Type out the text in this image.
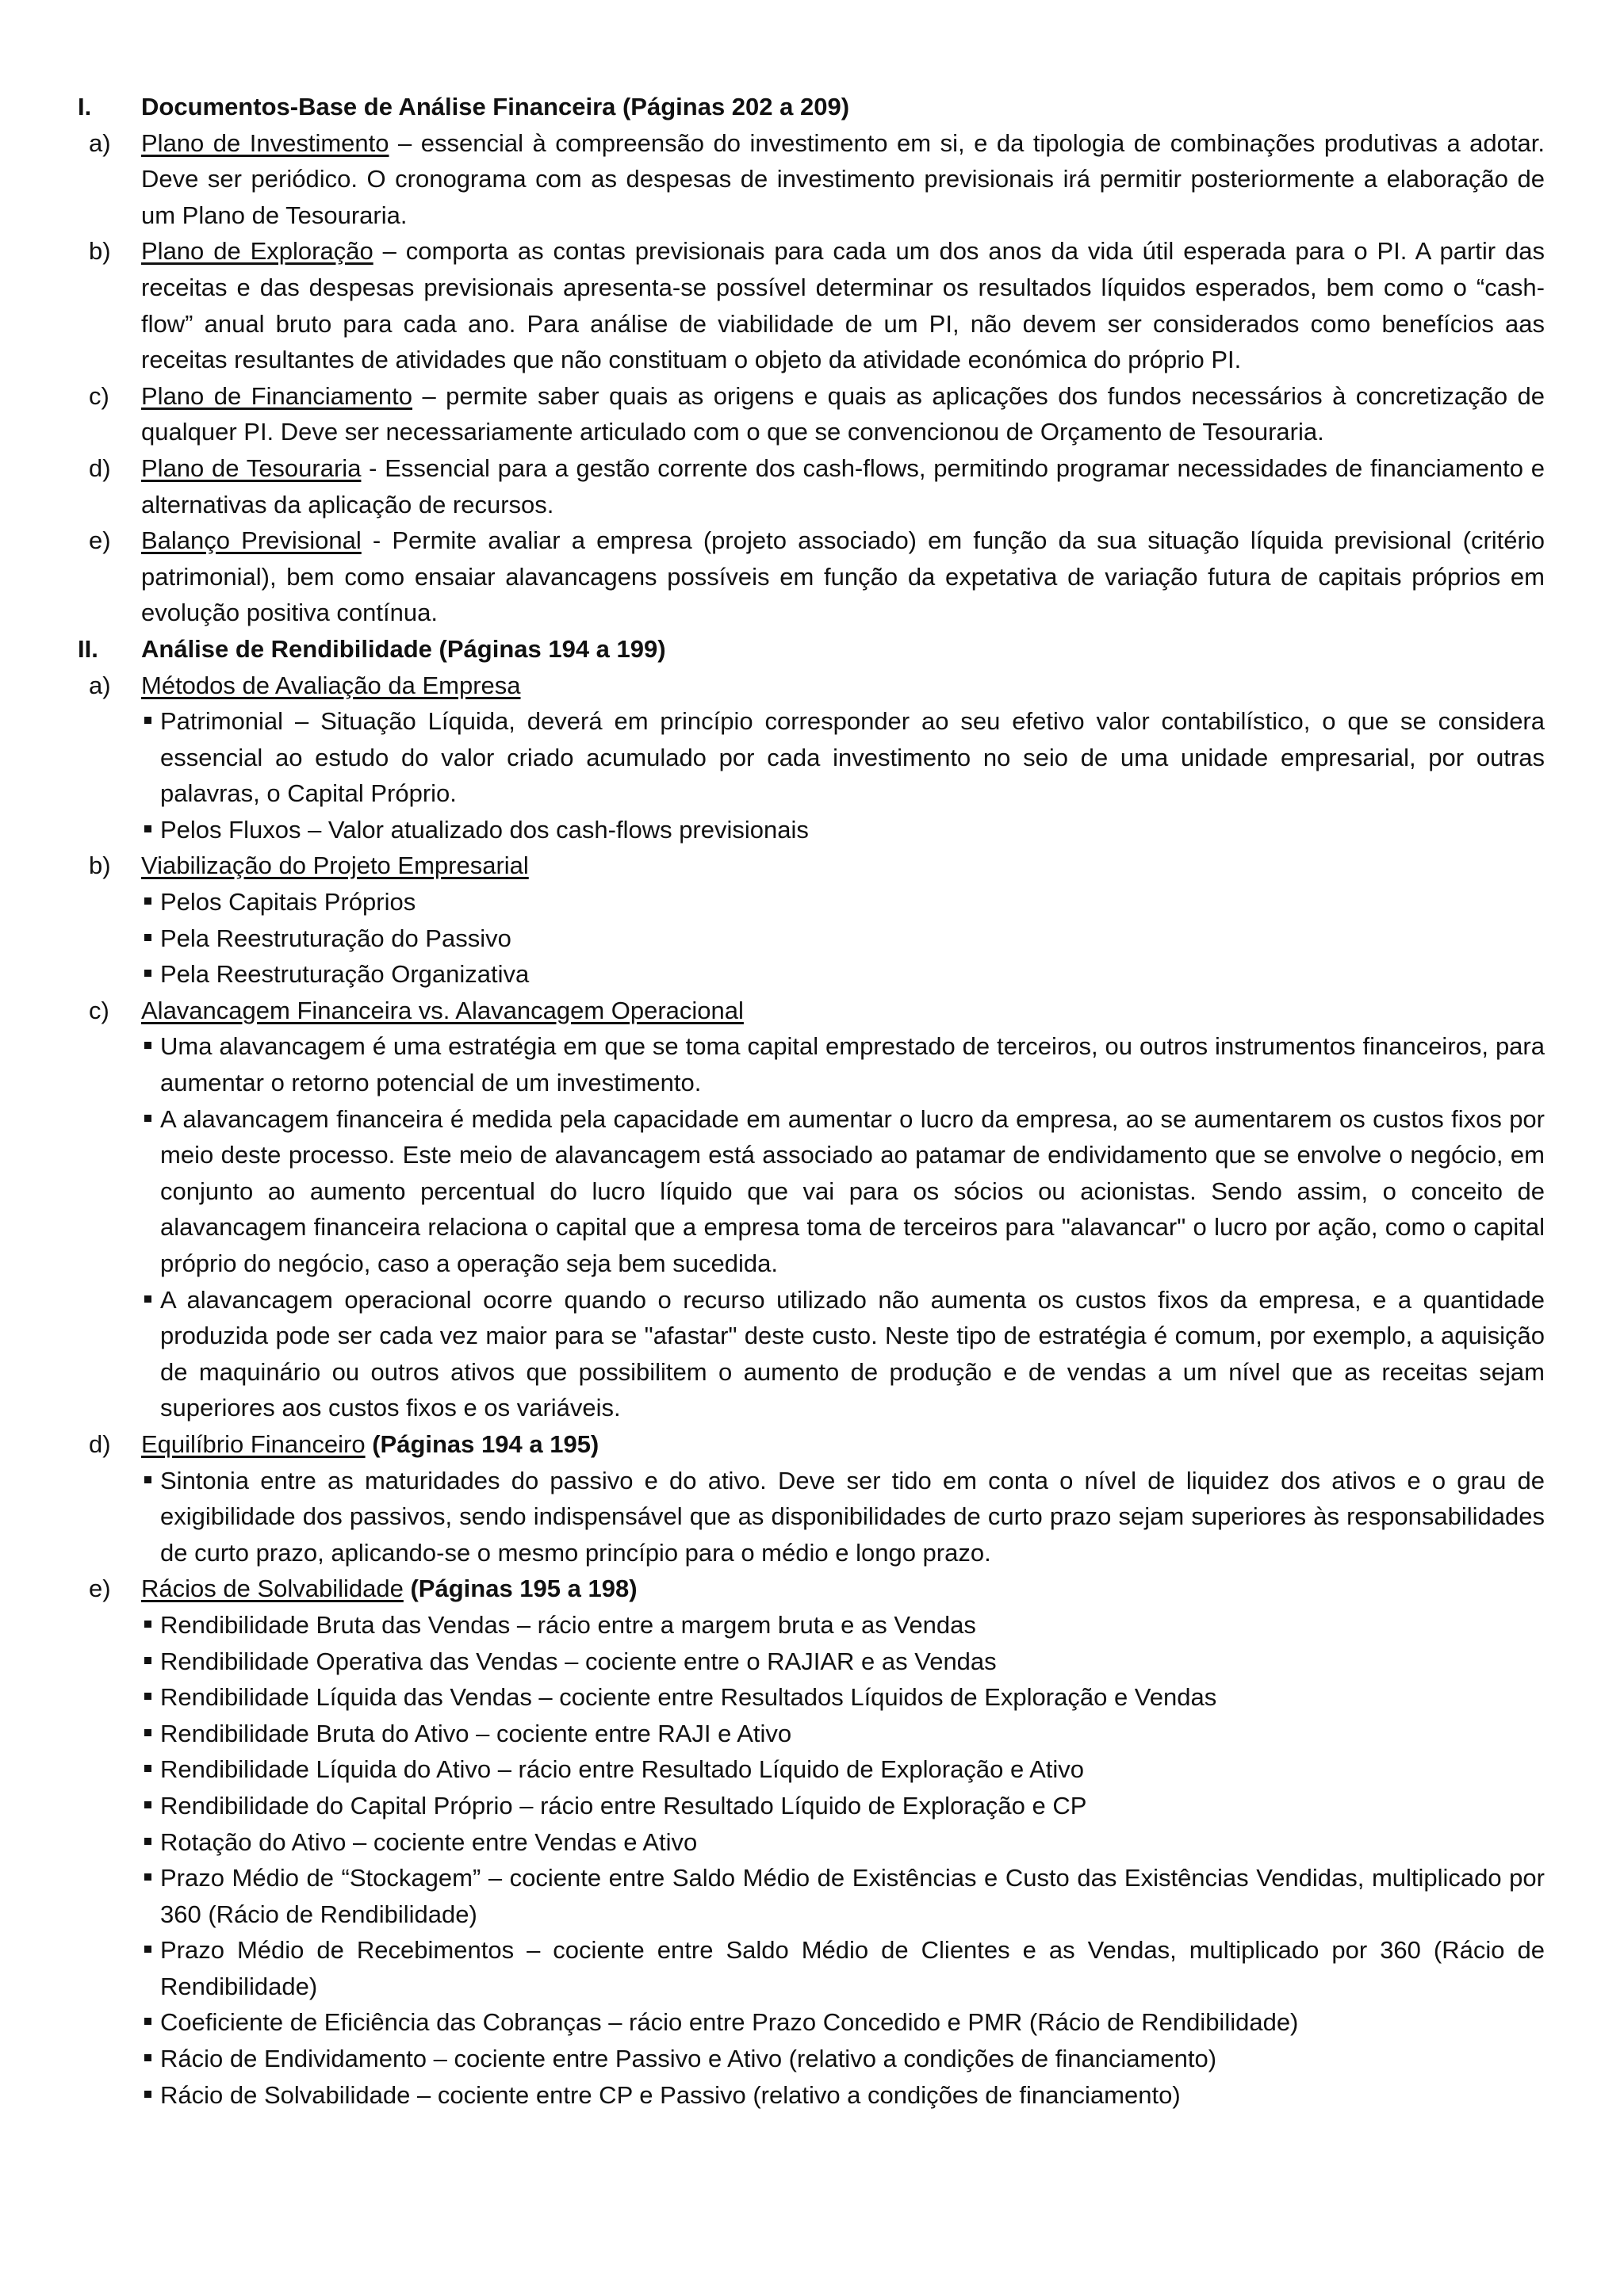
I.	Documentos-Base de Análise Financeira (Páginas 202 a 209)
a)	Plano de Investimento – essencial à compreensão do investimento em si, e da tipologia de combinações produtivas a adotar. Deve ser periódico. O cronograma com as despesas de investimento previsionais irá permitir posteriormente a elaboração de um Plano de Tesouraria.
b)	Plano de Exploração – comporta as contas previsionais para cada um dos anos da vida útil esperada para o PI. A partir das receitas e das despesas previsionais apresenta-se possível determinar os resultados líquidos esperados, bem como o “cash-flow” anual bruto para cada ano. Para análise de viabilidade de um PI, não devem ser considerados como benefícios aas receitas resultantes de atividades que não constituam o objeto da atividade económica do próprio PI.
c)	Plano de Financiamento – permite saber quais as origens e quais as aplicações dos fundos necessários à concretização de qualquer PI. Deve ser necessariamente articulado com o que se convencionou de Orçamento de Tesouraria.
d)	Plano de Tesouraria - Essencial para a gestão corrente dos cash-flows, permitindo programar necessidades de financiamento e alternativas da aplicação de recursos.
e)	Balanço Previsional - Permite avaliar a empresa (projeto associado) em função da sua situação líquida previsional (critério patrimonial), bem como ensaiar alavancagens possíveis em função da expetativa de variação futura de capitais próprios em evolução positiva contínua.
II.	Análise de Rendibilidade (Páginas 194 a 199)
a)	Métodos de Avaliação da Empresa
Patrimonial – Situação Líquida, deverá em princípio corresponder ao seu efetivo valor contabilístico, o que se considera essencial ao estudo do valor criado acumulado por cada investimento no seio de uma unidade empresarial, por outras palavras, o Capital Próprio.
Pelos Fluxos – Valor atualizado dos cash-flows previsionais
b)	Viabilização do Projeto Empresarial
Pelos Capitais Próprios
Pela Reestruturação do Passivo
Pela Reestruturação Organizativa
c)	Alavancagem Financeira vs. Alavancagem Operacional
Uma alavancagem é uma estratégia em que se toma capital emprestado de terceiros, ou outros instrumentos financeiros, para aumentar o retorno potencial de um investimento.
A alavancagem financeira é medida pela capacidade em aumentar o lucro da empresa, ao se aumentarem os custos fixos por meio deste processo. Este meio de alavancagem está associado ao patamar de endividamento que se envolve o negócio, em conjunto ao aumento percentual do lucro líquido que vai para os sócios ou acionistas. Sendo assim, o conceito de alavancagem financeira relaciona o capital que a empresa toma de terceiros para "alavancar" o lucro por ação, como o capital próprio do negócio, caso a operação seja bem sucedida.
A alavancagem operacional ocorre quando o recurso utilizado não aumenta os custos fixos da empresa, e a quantidade produzida pode ser cada vez maior para se "afastar" deste custo. Neste tipo de estratégia é comum, por exemplo, a aquisição de maquinário ou outros ativos que possibilitem o aumento de produção e de vendas a um nível que as receitas sejam superiores aos custos fixos e os variáveis.
d)	Equilíbrio Financeiro (Páginas 194 a 195)
Sintonia entre as maturidades do passivo e do ativo. Deve ser tido em conta o nível de liquidez dos ativos e o grau de exigibilidade dos passivos, sendo indispensável que as disponibilidades de curto prazo sejam superiores às responsabilidades de curto prazo, aplicando-se o mesmo princípio para o médio e longo prazo.
e)	Rácios de Solvabilidade (Páginas 195 a 198)
Rendibilidade Bruta das Vendas – rácio entre a margem bruta e as Vendas
Rendibilidade Operativa das Vendas – cociente entre o RAJIAR e as Vendas
Rendibilidade Líquida das Vendas – cociente entre Resultados Líquidos de Exploração e Vendas
Rendibilidade Bruta do Ativo – cociente entre RAJI e Ativo
Rendibilidade Líquida do Ativo – rácio entre Resultado Líquido de Exploração e Ativo
Rendibilidade do Capital Próprio – rácio entre Resultado Líquido de Exploração e CP
Rotação do Ativo – cociente entre Vendas e Ativo
Prazo Médio de “Stockagem” – cociente entre Saldo Médio de Existências e Custo das Existências Vendidas, multiplicado por 360 (Rácio de Rendibilidade)
Prazo Médio de Recebimentos – cociente entre Saldo Médio de Clientes e as Vendas, multiplicado por 360 (Rácio de Rendibilidade)
Coeficiente de Eficiência das Cobranças – rácio entre Prazo Concedido e PMR (Rácio de Rendibilidade)
Rácio de Endividamento – cociente entre Passivo e Ativo (relativo a condições de financiamento)
Rácio de Solvabilidade – cociente entre CP e Passivo (relativo a condições de financiamento)
